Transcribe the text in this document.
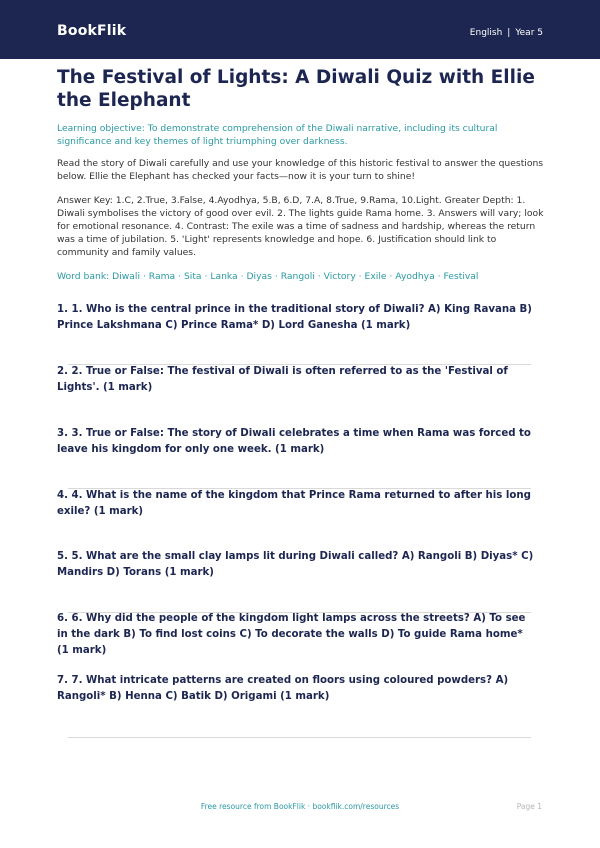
BookFlik	English | Year 5
The Festival of Lights: A Diwali Quiz with Ellie the Elephant

Learning objective: To demonstrate comprehension of the Diwali narrative, including its cultural significance and key themes of light triumphing over darkness.

Read the story of Diwali carefully and use your knowledge of this historic festival to answer the questions below. Ellie the Elephant has checked your facts—now it is your turn to shine!

Answer Key: 1.C, 2.True, 3.False, 4.Ayodhya, 5.B, 6.D, 7.A, 8.True, 9.Rama, 10.Light. Greater Depth: 1. Diwali symbolises the victory of good over evil. 2. The lights guide Rama home. 3. Answers will vary; look for emotional resonance. 4. Contrast: The exile was a time of sadness and hardship, whereas the return was a time of jubilation. 5. 'Light' represents knowledge and hope. 6. Justification should link to community and family values.

Word bank: Diwali · Rama · Sita · Lanka · Diyas · Rangoli · Victory · Exile · Ayodhya · Festival

1. 1. Who is the central prince in the traditional story of Diwali? A) King Ravana B) Prince Lakshmana C) Prince Rama* D) Lord Ganesha (1 mark)

2. 2. True or False: The festival of Diwali is often referred to as the 'Festival of Lights'. (1 mark)

3. 3. True or False: The story of Diwali celebrates a time when Rama was forced to leave his kingdom for only one week. (1 mark)

4. 4. What is the name of the kingdom that Prince Rama returned to after his long exile? (1 mark)

5. 5. What are the small clay lamps lit during Diwali called? A) Rangoli B) Diyas* C) Mandirs D) Torans (1 mark)

6. 6. Why did the people of the kingdom light lamps across the streets? A) To see in the dark B) To find lost coins C) To decorate the walls D) To guide Rama home* (1 mark)

7. 7. What intricate patterns are created on floors using coloured powders? A) Rangoli* B) Henna C) Batik D) Origami (1 mark)

Free resource from BookFlik · bookflik.com/resources	Page 1
